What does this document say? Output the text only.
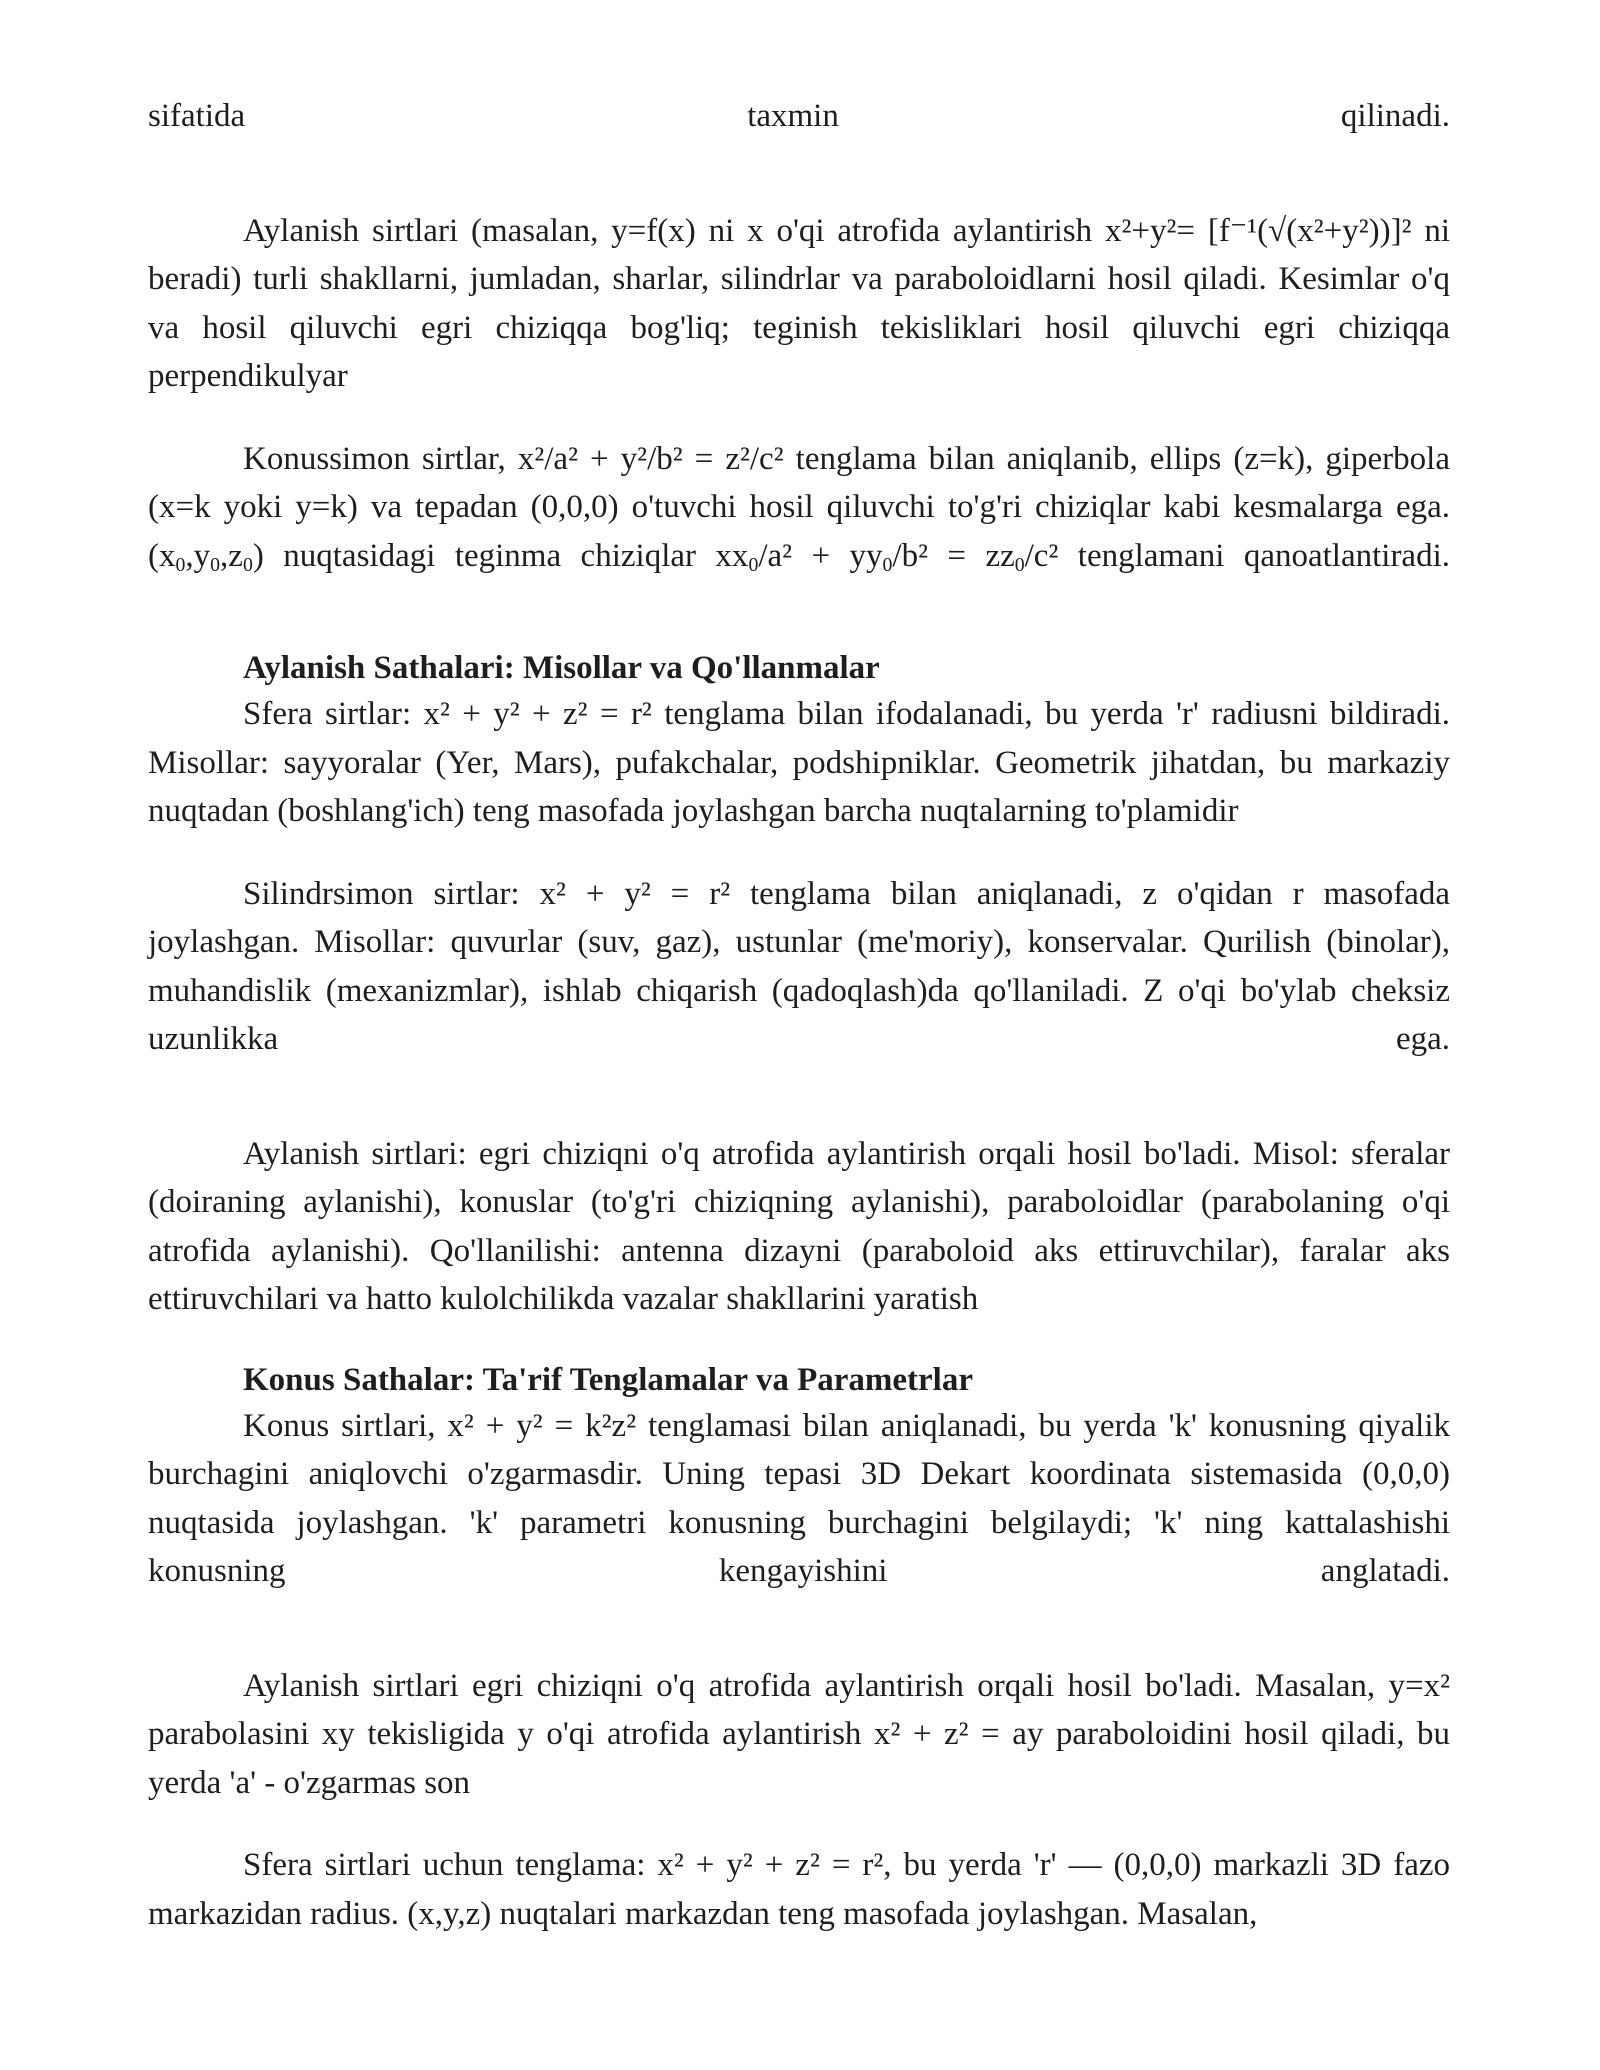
sifatida taxmin qilinadi.

Aylanish sirtlari (masalan, y=f(x) ni x o'qi atrofida aylantirish x²+y²= [f⁻¹(√(x²+y²))]² ni beradi) turli shakllarni, jumladan, sharlar, silindrlar va paraboloidlarni hosil qiladi. Kesimlar o'q va hosil qiluvchi egri chiziqqa bog'liq; teginish tekisliklari hosil qiluvchi egri chiziqqa perpendikulyar

Konussimon sirtlar, x²/a² + y²/b² = z²/c² tenglama bilan aniqlanib, ellips (z=k), giperbola (x=k yoki y=k) va tepadan (0,0,0) o'tuvchi hosil qiluvchi to'g'ri chiziqlar kabi kesmalarga ega. $(x_0,y_0,z_0)$ nuqtasidagi teginma chiziqlar $xx_0/a^2 + yy_0/b^2 = zz_0/c^2$ tenglamani qanoatlantiradi.

Aylanish Sathalari: Misollar va Qo'llanmalar

Sfera sirtlar: x² + y² + z² = r² tenglama bilan ifodalanadi, bu yerda 'r' radiusni bildiradi. Misollar: sayyoralar (Yer, Mars), pufakchalar, podshipniklar. Geometrik jihatdan, bu markaziy nuqtadan (boshlang'ich) teng masofada joylashgan barcha nuqtalarning to'plamidir

Silindrsimon sirtlar: x² + y² = r² tenglama bilan aniqlanadi, z o'qidan r masofada joylashgan. Misollar: quvurlar (suv, gaz), ustunlar (me'moriy), konservalar. Qurilish (binolar), muhandislik (mexanizmlar), ishlab chiqarish (qadoqlash)da qo'llaniladi. Z o'qi bo'ylab cheksiz uzunlikka ega.

Aylanish sirtlari: egri chiziqni o'q atrofida aylantirish orqali hosil bo'ladi. Misol: sferalar (doiraning aylanishi), konuslar (to'g'ri chiziqning aylanishi), paraboloidlar (parabolaning o'qi atrofida aylanishi). Qo'llanilishi: antenna dizayni (paraboloid aks ettiruvchilar), faralar aks ettiruvchilari va hatto kulolchilikda vazalar shakllarini yaratish

Konus Sathalar: Ta'rif Tenglamalar va Parametrlar

Konus sirtlari, x² + y² = k²z² tenglamasi bilan aniqlanadi, bu yerda 'k' konusning qiyalik burchagini aniqlovchi o'zgarmasdir. Uning tepasi 3D Dekart koordinata sistemasida (0,0,0) nuqtasida joylashgan. 'k' parametri konusning burchagini belgilaydi; 'k' ning kattalashishi konusning kengayishini anglatadi.

Aylanish sirtlari egri chiziqni o'q atrofida aylantirish orqali hosil bo'ladi. Masalan, y=x² parabolasini xy tekisligida y o'qi atrofida aylantirish x² + z² = ay paraboloidini hosil qiladi, bu yerda 'a' - o'zgarmas son

Sfera sirtlari uchun tenglama: x² + y² + z² = r², bu yerda 'r' — (0,0,0) markazli 3D fazo markazidan radius. (x,y,z) nuqtalari markazdan teng masofada joylashgan. Masalan,
